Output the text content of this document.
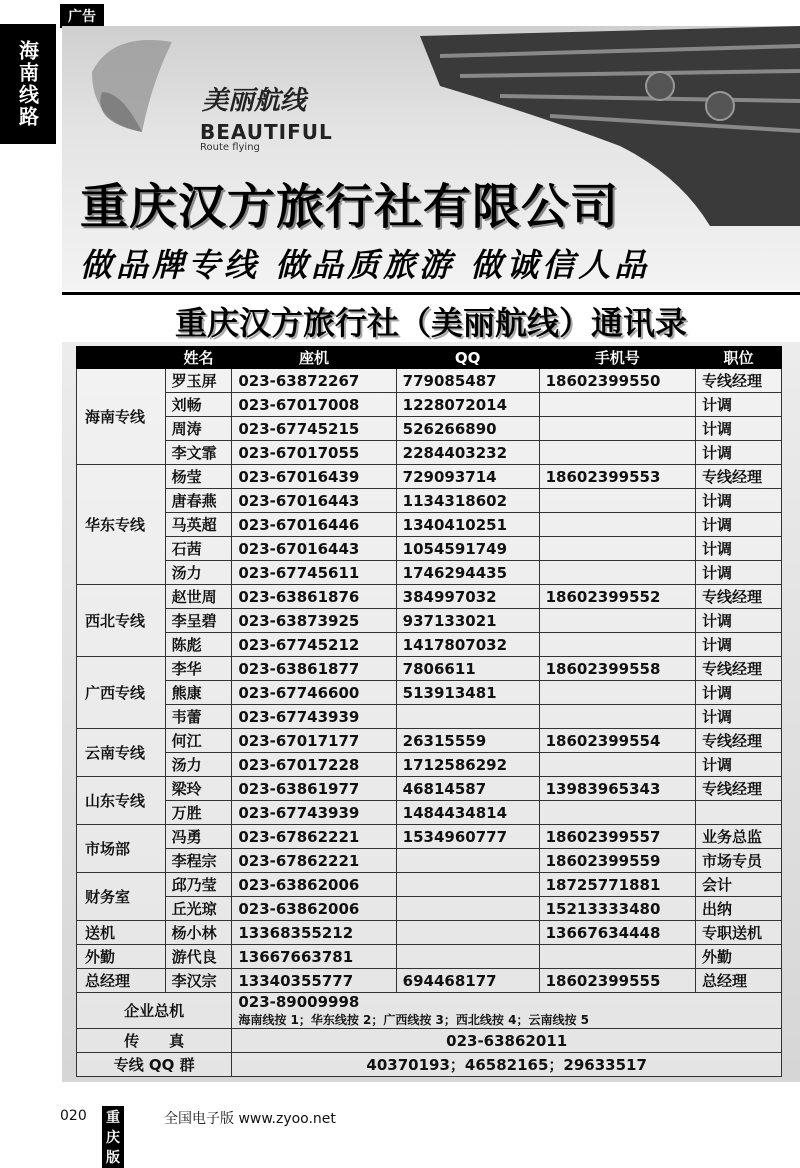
广告
海南线路	美丽航线
BEAUTIFUL
Route flying
重庆汉方旅行社有限公司
做品牌专线 做品质旅游 做诚信人品
重庆汉方旅行社（美丽航线）通讯录
	姓名	座机	QQ	手机号	职位
海南专线	罗玉屏	023-63872267	779085487	18602399550	专线经理
	刘畅	023-67017008	1228072014		计调
	周涛	023-67745215	526266890		计调
	李文霏	023-67017055	2284403232		计调
华东专线	杨莹	023-67016439	729093714	18602399553	专线经理
	唐春燕	023-67016443	1134318602		计调
	马英超	023-67016446	1340410251		计调
	石茜	023-67016443	1054591749		计调
	汤力	023-67745611	1746294435		计调
西北专线	赵世周	023-63861876	384997032	18602399552	专线经理
	李呈碧	023-63873925	937133021		计调
	陈彪	023-67745212	1417807032		计调
广西专线	李华	023-63861877	7806611	18602399558	专线经理
	熊康	023-67746600	513913481		计调
	韦蕾	023-67743939			计调
云南专线	何江	023-67017177	26315559	18602399554	专线经理
	汤力	023-67017228	1712586292		计调
山东专线	梁玲	023-63861977	46814587	13983965343	专线经理
	万胜	023-67743939	1484434814		
市场部	冯勇	023-67862221	1534960777	18602399557	业务总监
	李程宗	023-67862221		18602399559	市场专员
财务室	邱乃莹	023-63862006		18725771881	会计
	丘光琼	023-63862006		15213333480	出纳
送机	杨小林	13368355212		13667634448	专职送机
外勤	游代良	13667663781			外勤
总经理	李汉宗	13340355777	694468177	18602399555	总经理
企业总机		023-89009998
海南线按 1；华东线按 2；广西线按 3；西北线按 4；云南线按 5			

传　　真		023-63862011			
专线 QQ 群		40370193；46582165；29633517			
020 重庆版
全国电子版 www.zyoo.net
